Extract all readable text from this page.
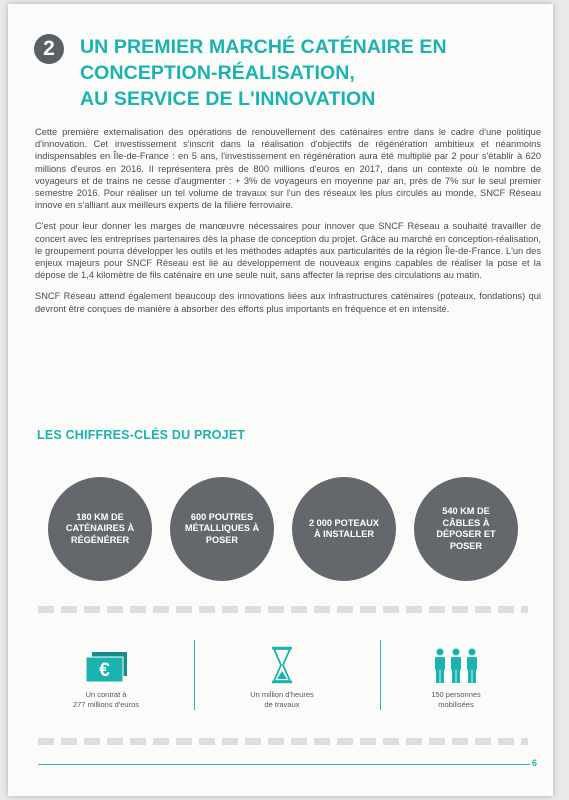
2	UN PREMIER MARCHÉ CATÉNAIRE EN
CONCEPTION-RÉALISATION,
AU SERVICE DE L'INNOVATION

Cette première externalisation des opérations de renouvellement des caténaires entre dans le cadre d'une politique d'innovation. Cet investissement s'inscrit dans la réalisation d'objectifs de régénération ambitieux et néanmoins indispensables en Île-de-France : en 5 ans, l'investissement en régénération aura été multiplié par 2 pour s'établir à 620 millions d'euros en 2016. Il représentera près de 800 millions d'euros en 2017, dans un contexte où le nombre de voyageurs et de trains ne cesse d'augmenter : + 3% de voyageurs en moyenne par an, près de 7% sur le seul premier semestre 2016. Pour réaliser un tel volume de travaux sur l'un des réseaux les plus circulés au monde, SNCF Réseau innove en s'alliant aux meilleurs experts de la filière ferroviaire.

C'est pour leur donner les marges de manœuvre nécessaires pour innover que SNCF Réseau a souhaité travailler de concert avec les entreprises partenaires dès la phase de conception du projet. Grâce au marché en conception-réalisation, le groupement pourra développer les outils et les méthodes adaptés aux particularités de la région Île-de-France. L'un des enjeux majeurs pour SNCF Réseau est lié au développement de nouveaux engins capables de réaliser la pose et la dépose de 1,4 kilomètre de fils caténaire en une seule nuit, sans affecter la reprise des circulations au matin.

SNCF Réseau attend également beaucoup des innovations liées aux infrastructures caténaires (poteaux, fondations) qui devront être conçues de manière à absorber des efforts plus importants en fréquence et en intensité.

LES CHIFFRES-CLÉS DU PROJET
180 KM DE CATÉNAIRES À RÉGÉNÉRER
600 POUTRES MÉTALLIQUES À POSER
2 000 POTEAUX À INSTALLER
540 KM DE CÂBLES À DÉPOSER ET POSER
€
Un contrat à
277 millions d'euros
Un million d'heures
de travaux
150 personnes
mobilisées
6
